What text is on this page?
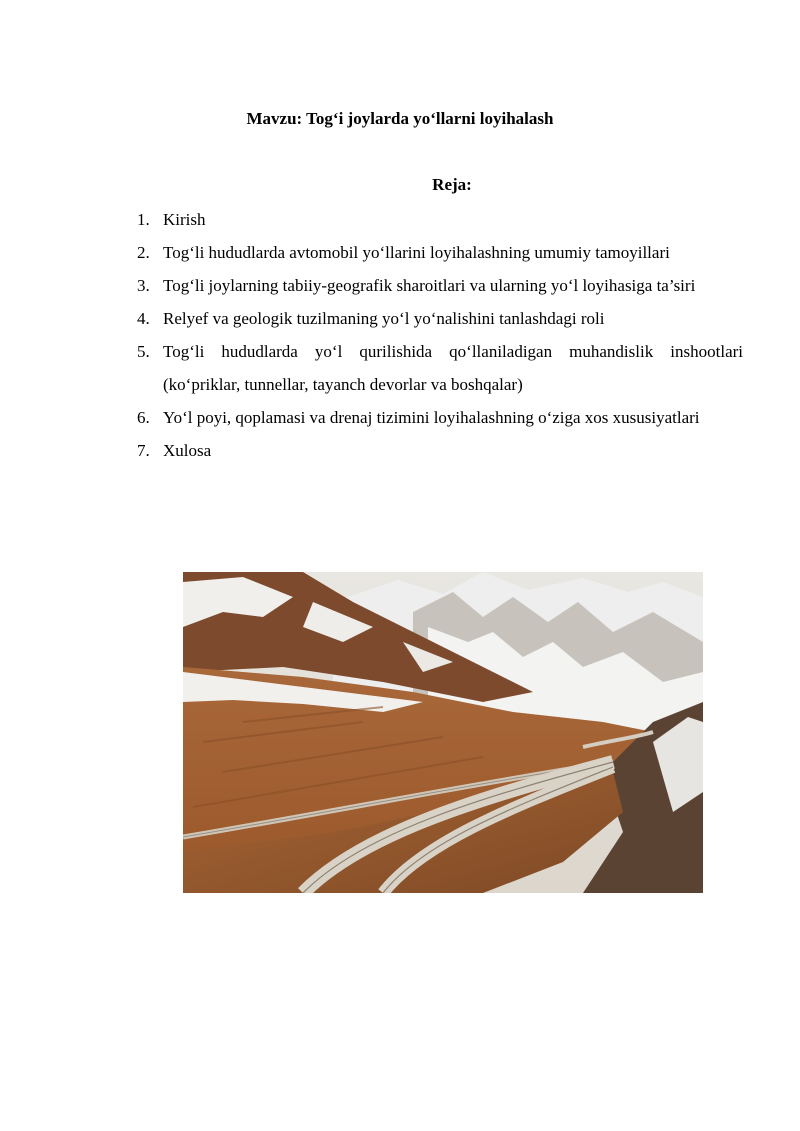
Mavzu: Tog‘i joylarda yo‘llarni loyihalash
Reja:
1. Kirish
2. Tog‘li hududlarda avtomobil yo‘llarini loyihalashning umumiy tamoyillari
3. Tog‘li joylarning tabiiy-geografik sharoitlari va ularning yo‘l loyihasiga ta’siri
4. Relyef va geologik tuzilmaning yo‘l yo‘nalishini tanlashdagi roli
5. Tog‘li hududlarda yo‘l qurilishida qo‘llaniladigan muhandislik inshootlari (ko‘priklar, tunnellar, tayanch devorlar va boshqalar)
6. Yo‘l poyi, qoplamasi va drenaj tizimini loyihalashning o‘ziga xos xususiyatlari
7. Xulosa
